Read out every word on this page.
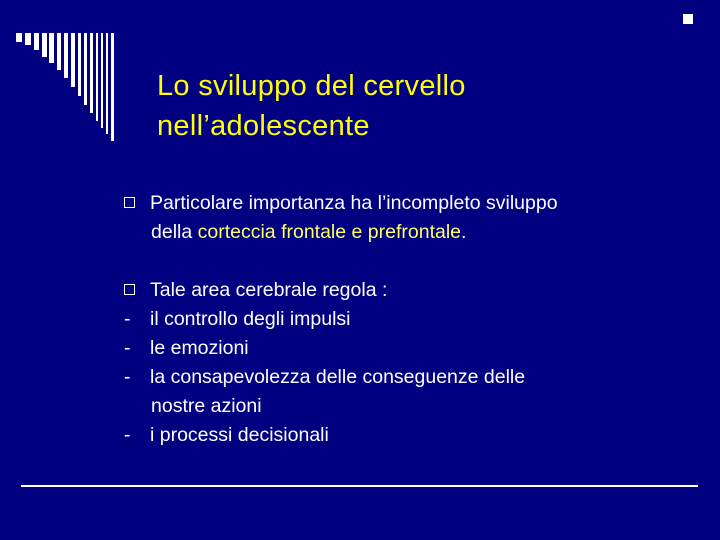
Lo sviluppo del cervello
nell’adolescente
Particolare importanza ha l’incompleto sviluppo
della corteccia frontale e prefrontale.
Tale area cerebrale regola :
- il controllo degli impulsi
- le emozioni
- la consapevolezza delle conseguenze delle
nostre azioni
- i processi decisionali
